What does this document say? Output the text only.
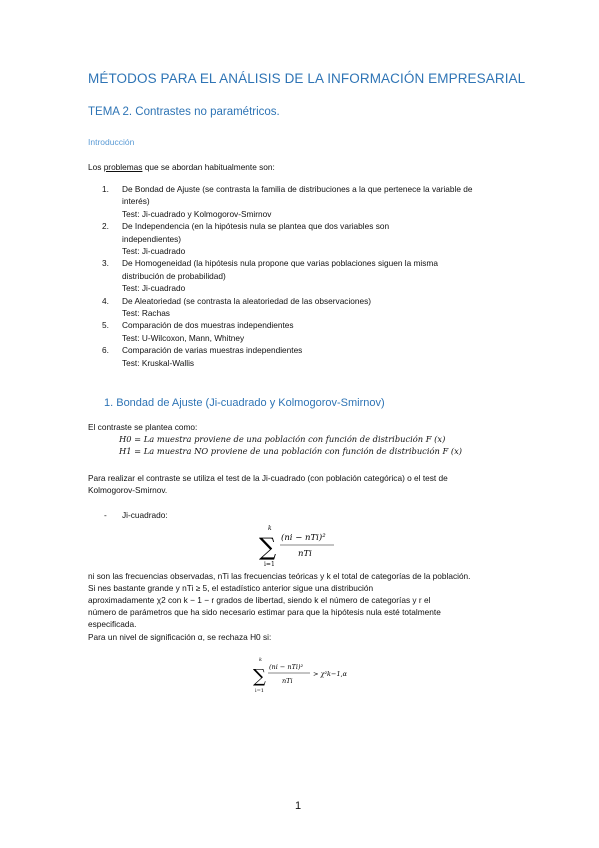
MÉTODOS PARA EL ANÁLISIS DE LA INFORMACIÓN EMPRESARIAL
TEMA 2. Contrastes no paramétricos.
Introducción
Los problemas que se abordan habitualmente son:
1.	De Bondad de Ajuste (se contrasta la familia de distribuciones a la que pertenece la variable de
interés)
Test: Ji-cuadrado y Kolmogorov-Smirnov
2.	De Independencia (en la hipótesis nula se plantea que dos variables son
independientes)
Test: Ji-cuadrado
3.	De Homogeneidad (la hipótesis nula propone que varias poblaciones siguen la misma
distribución de probabilidad)
Test: Ji-cuadrado
4.	De Aleatoriedad (se contrasta la aleatoriedad de las observaciones)
Test: Rachas
5.	Comparación de dos muestras independientes
Test: U-Wilcoxon, Mann, Whitney
6.	Comparación de varias muestras independientes
Test: Kruskal-Wallis
1. Bondad de Ajuste (Ji-cuadrado y Kolmogorov-Smirnov)
El contraste se plantea como:
H0 = La muestra proviene de una población con función de distribución F (x)
H1 = La muestra NO proviene de una población con función de distribución F (x)
Para realizar el contraste se utiliza el test de la Ji-cuadrado (con población categórica) o el test de
Kolmogorov-Smirnov.
- Ji-cuadrado:
k
∑
i=1
(ni − nTi)²
nTi
ni son las frecuencias observadas, nTi las frecuencias teóricas y k el total de categorías de la población.
Si nes bastante grande y nTi ≥ 5, el estadístico anterior sigue una distribución
aproximadamente χ2 con k − 1 − r grados de libertad, siendo k el número de categorías y r el
número de parámetros que ha sido necesario estimar para que la hipótesis nula esté totalmente
especificada.
Para un nivel de significación α, se rechaza H0 si:
k
∑
i=1
(ni − nTi)²
nTi
> χ²k−1,α
1
